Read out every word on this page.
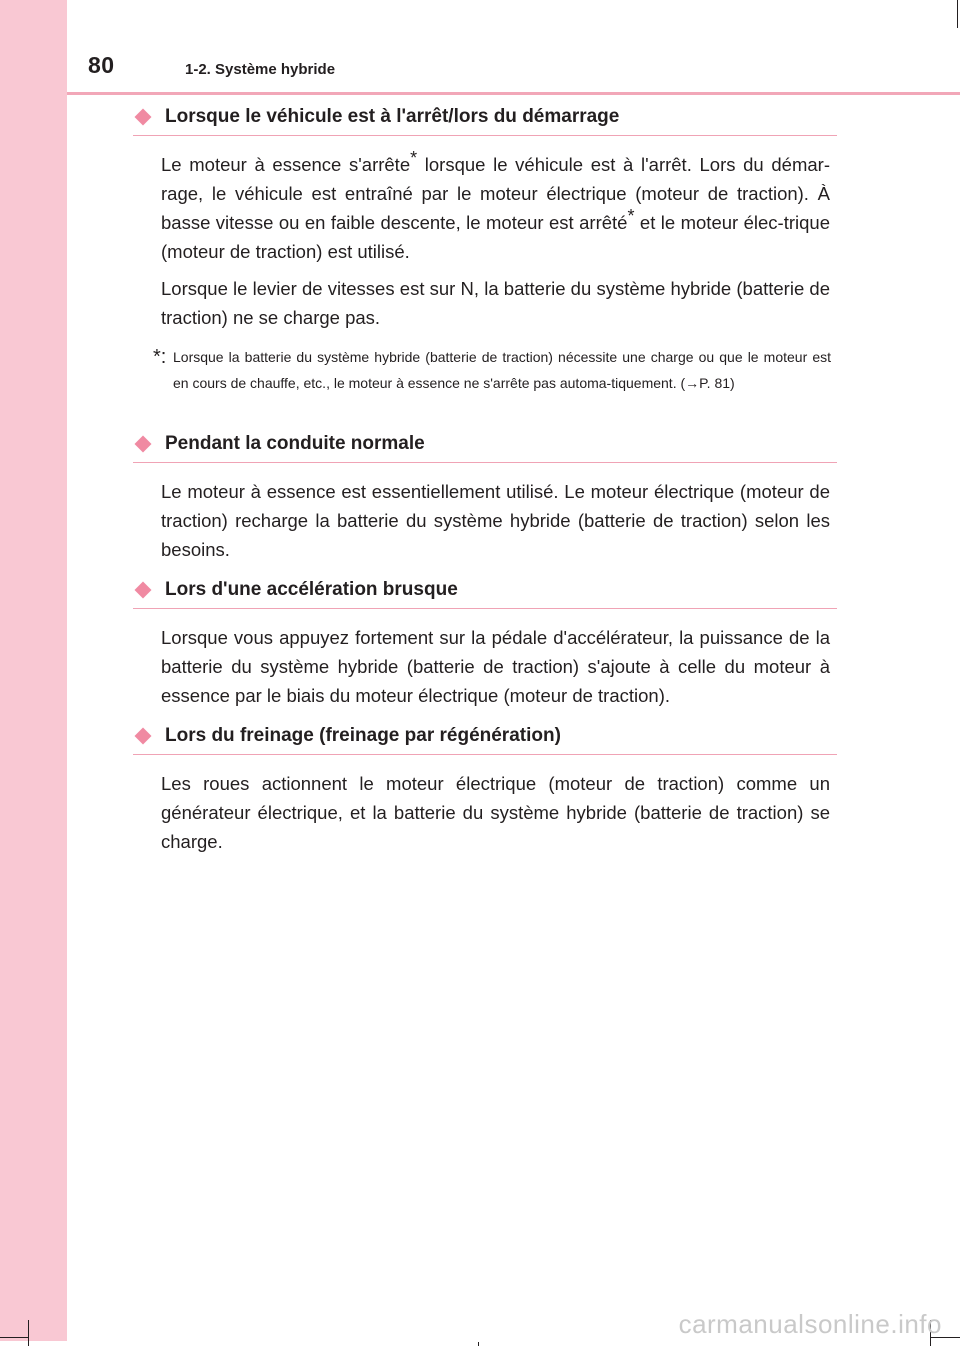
80	1-2. Système hybride
Lorsque le véhicule est à l'arrêt/lors du démarrage

Le moteur à essence s'arrête* lorsque le véhicule est à l'arrêt. Lors du démar-rage, le véhicule est entraîné par le moteur électrique (moteur de traction). À basse vitesse ou en faible descente, le moteur est arrêté* et le moteur élec-trique (moteur de traction) est utilisé.

Lorsque le levier de vitesses est sur N, la batterie du système hybride (batterie de traction) ne se charge pas.

*: Lorsque la batterie du système hybride (batterie de traction) nécessite une charge ou que le moteur est en cours de chauffe, etc., le moteur à essence ne s'arrête pas automa-tiquement. (→P. 81)
Pendant la conduite normale

Le moteur à essence est essentiellement utilisé. Le moteur électrique (moteur de traction) recharge la batterie du système hybride (batterie de traction) selon les besoins.

Lors d'une accélération brusque

Lorsque vous appuyez fortement sur la pédale d'accélérateur, la puissance de la batterie du système hybride (batterie de traction) s'ajoute à celle du moteur à essence par le biais du moteur électrique (moteur de traction).

Lors du freinage (freinage par régénération)

Les roues actionnent le moteur électrique (moteur de traction) comme un générateur électrique, et la batterie du système hybride (batterie de traction) se charge.

carmanualsonline.info
